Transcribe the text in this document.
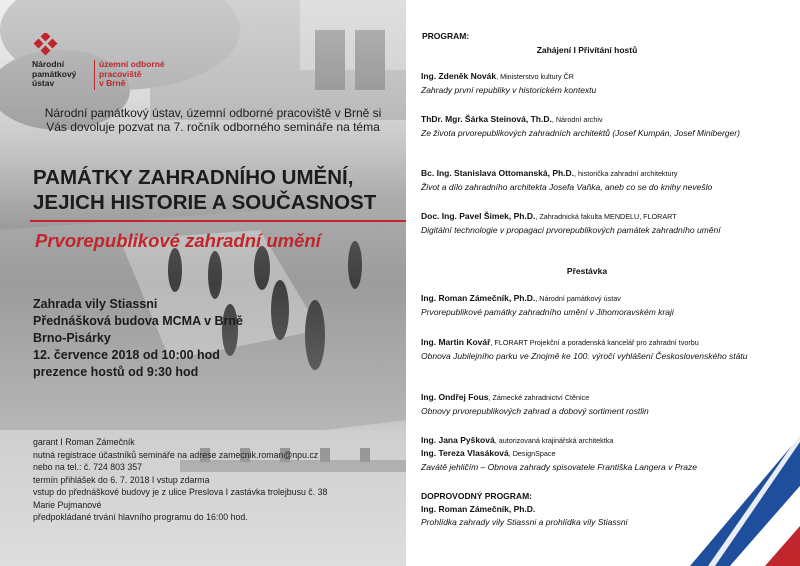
Národní
památkový
ústav
územní odborné
pracoviště
v Brně
Národní památkový ústav, územní odborné pracoviště v Brně si Vás dovoluje pozvat na 7. ročník odborného semináře na téma
PAMÁTKY ZAHRADNÍHO UMĚNÍ,
JEJICH HISTORIE A SOUČASNOST
Prvorepublikové zahradní umění
Zahrada vily Stiassni
Přednášková budova MCMA v Brně
Brno-Pisárky
12. července 2018 od 10:00 hod
prezence hostů od 9:30 hod
garant I Roman Zámečník
nutná registrace účastníků semináře na adrese zamecnik.roman@npu.cz
nebo na tel.: č. 724 803 357
termín přihlášek do 6. 7. 2018 I vstup zdarma
vstup do přednáškové budovy je z ulice Preslova I zastávka trolejbusu č. 38
Marie Pujmanové
předpokládané trvání hlavního programu do 16:00 hod.
PROGRAM:
Zahájení I Přivítání hostů
Ing. Zdeněk Novák, Ministerstvo kultury ČR
Zahrady první republiky v historickém kontextu
ThDr. Mgr. Šárka Steinová, Th.D., Národní archiv
Ze života prvorepublikových zahradních architektů (Josef Kumpán, Josef Miniberger)
Bc. Ing. Stanislava Ottomanská, Ph.D., historička zahradní architektury
Život a dílo zahradního architekta Josefa Vaňka, aneb co se do knihy nevešlo
Doc. Ing. Pavel Šimek, Ph.D., Zahradnická fakulta MENDELU, FLORART
Digitální technologie v propagaci prvorepublikových památek zahradního umění
Přestávka
Ing. Roman Zámečník, Ph.D., Národní památkový ústav
Prvorepublikové památky zahradního umění v Jihomoravském kraji
Ing. Martin Kovář, FLORART Projekční a poradenská kancelář pro zahradní tvorbu
Obnova Jubilejního parku ve Znojmě ke 100. výročí vyhlášení Československého státu
Ing. Ondřej Fous, Zámecké zahradnictví Ctěnice
Obnovy prvorepublikových zahrad a dobový sortiment rostlin
Ing. Jana Pyšková, autorizovaná krajinářská architektka
Ing. Tereza Vlasáková, DesignSpace
Zavátě jehličím – Obnova zahrady spisovatele Františka Langera v Praze
DOPROVODNÝ PROGRAM:
Ing. Roman Zámečník, Ph.D.
Prohlídka zahrady vily Stiassni a prohlídka vily Stiassni
